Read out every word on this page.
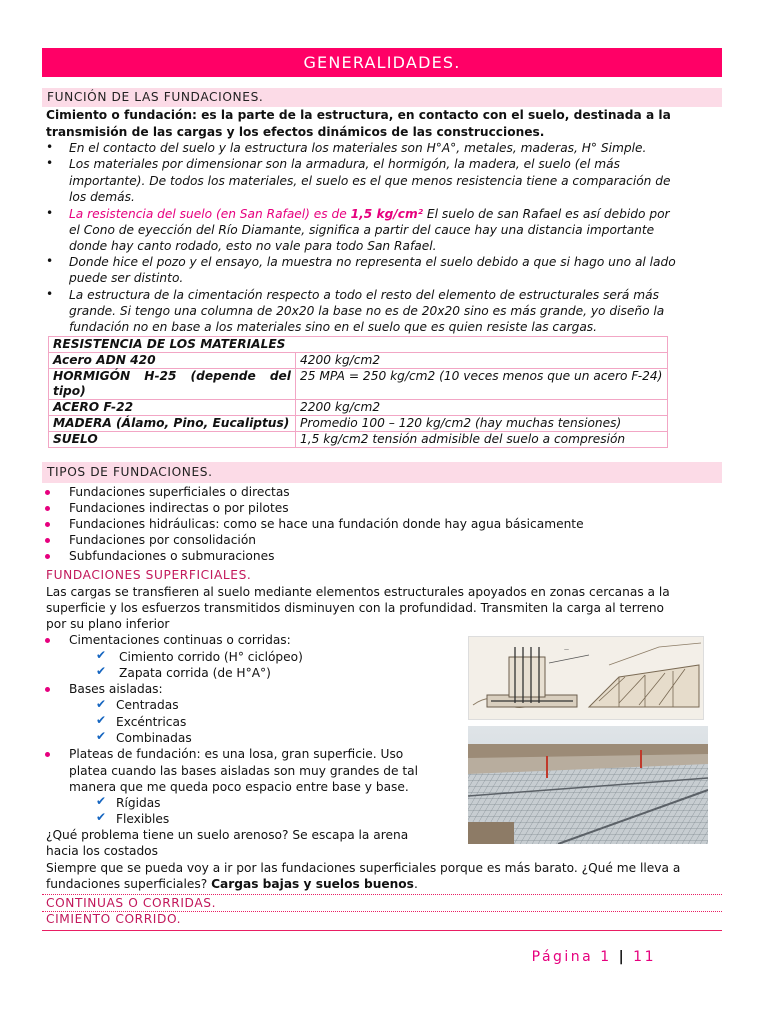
GENERALIDADES.
FUNCIÓN DE LAS FUNDACIONES.
Cimiento o fundación: es la parte de la estructura, en contacto con el suelo, destinada a la
transmisión de las cargas y los efectos dinámicos de las construcciones.
• En el contacto del suelo y la estructura los materiales son H°A°, metales, maderas, H° Simple.
• Los materiales por dimensionar son la armadura, el hormigón, la madera, el suelo (el más
importante). De todos los materiales, el suelo es el que menos resistencia tiene a comparación de
los demás.
• La resistencia del suelo (en San Rafael) es de 1,5 kg/cm² El suelo de san Rafael es así debido por
el Cono de eyección del Río Diamante, significa a partir del cauce hay una distancia importante
donde hay canto rodado, esto no vale para todo San Rafael.
• Donde hice el pozo y el ensayo, la muestra no representa el suelo debido a que si hago uno al lado
puede ser distinto.
• La estructura de la cimentación respecto a todo el resto del elemento de estructurales será más
grande. Si tengo una columna de 20x20 la base no es de 20x20 sino es más grande, yo diseño la
fundación no en base a los materiales sino en el suelo que es quien resiste las cargas.
RESISTENCIA DE LOS MATERIALES	
Acero ADN 420	4200 kg/cm2
HORMIGÓN H-25 (depende del tipo)	25 MPA = 250 kg/cm2 (10 veces menos que un acero F-24)
ACERO F-22	2200 kg/cm2
MADERA (Álamo, Pino, Eucaliptus)	Promedio 100 – 120 kg/cm2 (hay muchas tensiones)
SUELO	1,5 kg/cm2 tensión admisible del suelo a compresión
TIPOS DE FUNDACIONES.
Fundaciones superficiales o directas
Fundaciones indirectas o por pilotes
Fundaciones hidráulicas: como se hace una fundación donde hay agua básicamente
Fundaciones por consolidación
Subfundaciones o submuraciones
FUNDACIONES SUPERFICIALES.
Las cargas se transfieren al suelo mediante elementos estructurales apoyados en zonas cercanas a la
superficie y los esfuerzos transmitidos disminuyen con la profundidad. Transmiten la carga al terreno
por su plano inferior
Cimentaciones continuas o corridas:
✔ Cimiento corrido (H° ciclópeo)
✔ Zapata corrida (de H°A°)
Bases aisladas:
✔ Centradas
✔ Excéntricas
✔ Combinadas
Plateas de fundación: es una losa, gran superficie. Uso
platea cuando las bases aisladas son muy grandes de tal
manera que me queda poco espacio entre base y base.
✔ Rígidas
✔ Flexibles
¿Qué problema tiene un suelo arenoso? Se escapa la arena
hacia los costados
Siempre que se pueda voy a ir por las fundaciones superficiales porque es más barato. ¿Qué me lleva a
fundaciones superficiales? Cargas bajas y suelos buenos.
CONTINUAS O CORRIDAS.
CIMIENTO CORRIDO.
—
Página 1 | 11
